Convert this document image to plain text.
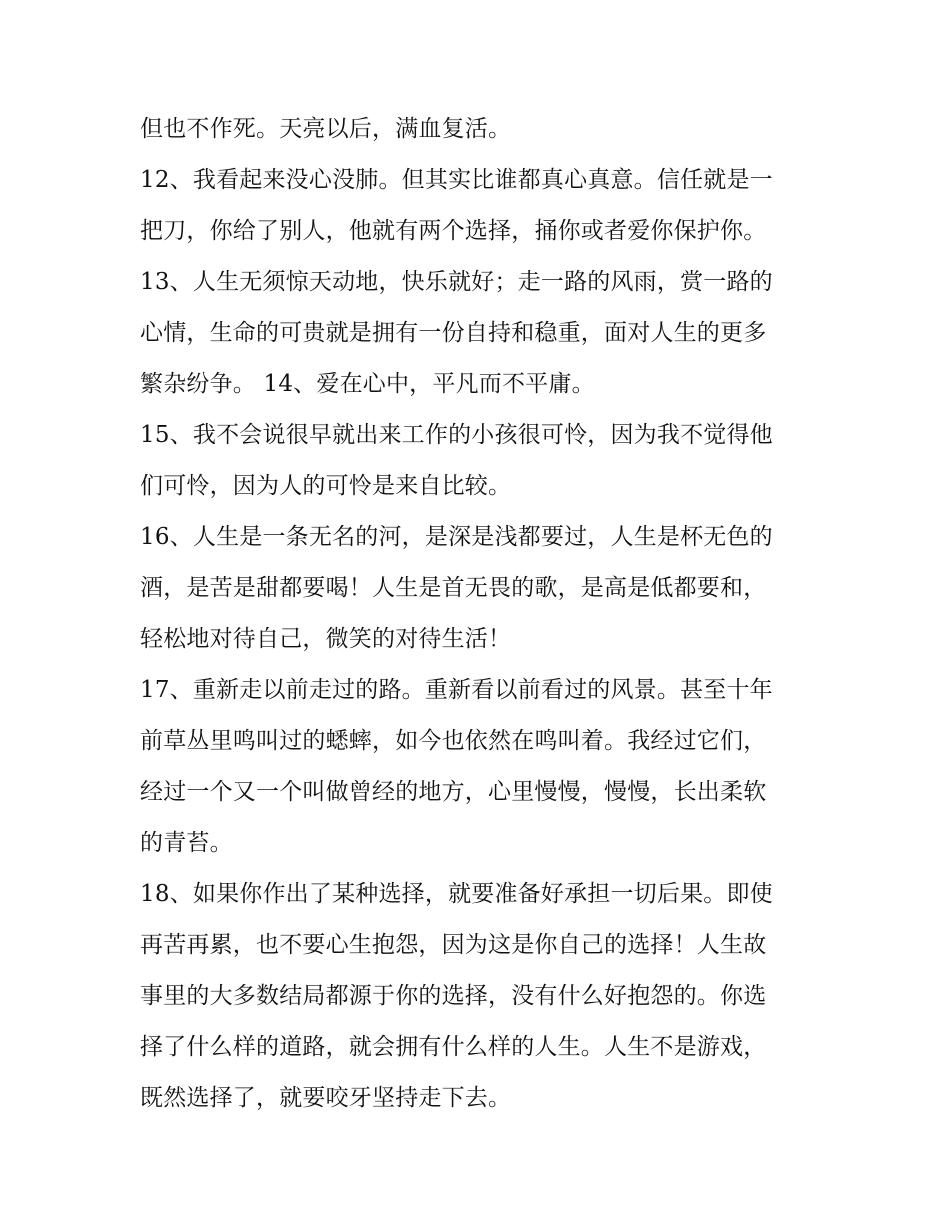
但也不作死。天亮以后，满血复活。
12、我看起来没心没肺。但其实比谁都真心真意。信任就是一
把刀，你给了别人，他就有两个选择，捅你或者爱你保护你。
13、人生无须惊天动地，快乐就好；走一路的风雨，赏一路的
心情，生命的可贵就是拥有一份自持和稳重，面对人生的更多
繁杂纷争。 14、爱在心中，平凡而不平庸。
15、我不会说很早就出来工作的小孩很可怜，因为我不觉得他
们可怜，因为人的可怜是来自比较。
16、人生是一条无名的河，是深是浅都要过，人生是杯无色的
酒，是苦是甜都要喝！人生是首无畏的歌，是高是低都要和，
轻松地对待自己，微笑的对待生活！
17、重新走以前走过的路。重新看以前看过的风景。甚至十年
前草丛里鸣叫过的蟋蟀，如今也依然在鸣叫着。我经过它们，
经过一个又一个叫做曾经的地方，心里慢慢，慢慢，长出柔软
的青苔。
18、如果你作出了某种选择，就要准备好承担一切后果。即使
再苦再累，也不要心生抱怨，因为这是你自己的选择！人生故
事里的大多数结局都源于你的选择，没有什么好抱怨的。你选
择了什么样的道路，就会拥有什么样的人生。人生不是游戏，
既然选择了，就要咬牙坚持走下去。
